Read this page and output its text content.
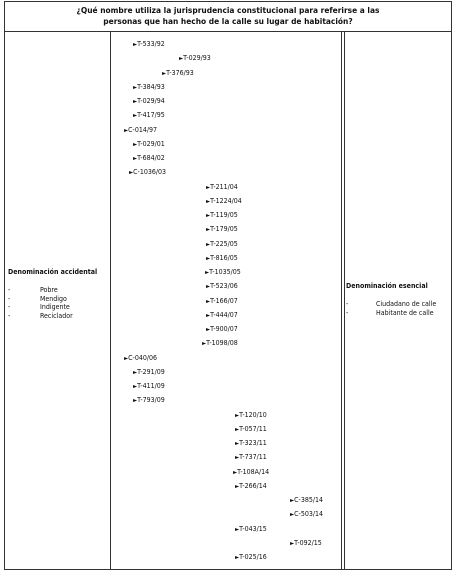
¿Qué nombre utiliza la jurisprudencia constitucional para referirse a las
personas que han hecho de la calle su lugar de habitación?
Denominación accidental
-	Pobre
-	Mendigo
-	Indigente
-	Reciclador
Denominación esencial
-	Ciudadano de calle
-	Habitante de calle
►T-533/92
►T-029/93
►T-376/93
►T-384/93
►T-029/94
►T-417/95
►C-014/97
►T-029/01
►T-684/02
►C-1036/03
►T-211/04
►T-1224/04
►T-119/05
►T-179/05
►T-225/05
►T-816/05
►T-1035/05
►T-523/06
►T-166/07
►T-444/07
►T-900/07
►T-1098/08
►C-040/06
►T-291/09
►T-411/09
►T-793/09
►T-120/10
►T-057/11
►T-323/11
►T-737/11
►T-108A/14
►T-266/14
►C-385/14
►C-503/14
►T-043/15
►T-092/15
►T-025/16
